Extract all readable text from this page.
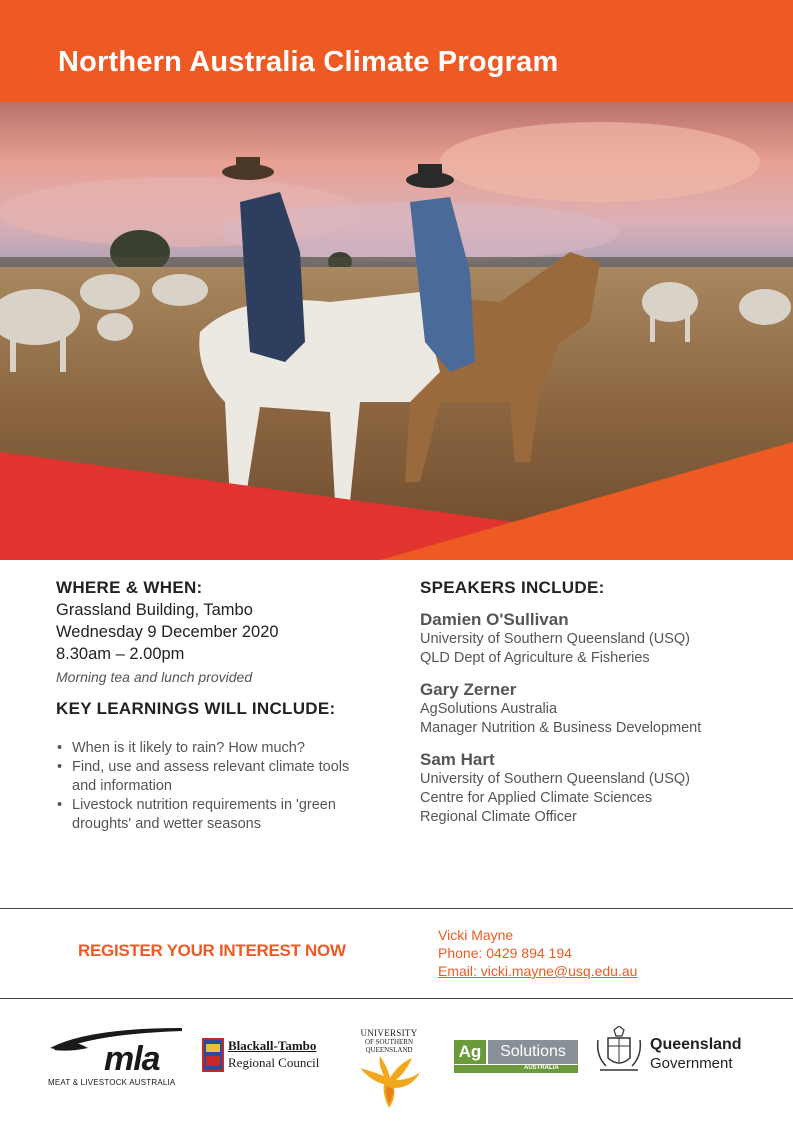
Northern Australia Climate Program
WHERE & WHEN:
Grassland Building, Tambo
Wednesday 9 December 2020
8.30am – 2.00pm
Morning tea and lunch provided
KEY LEARNINGS WILL INCLUDE:
• When is it likely to rain? How much?
• Find, use and assess relevant climate tools and information
• Livestock nutrition requirements in 'green droughts' and wetter seasons
SPEAKERS INCLUDE:
Damien O'Sullivan
University of Southern Queensland (USQ)
QLD Dept of Agriculture & Fisheries
Gary Zerner
AgSolutions Australia
Manager Nutrition & Business Development
Sam Hart
University of Southern Queensland (USQ)
Centre for Applied Climate Sciences
Regional Climate Officer
REGISTER YOUR INTEREST NOW
Vicki Mayne
Phone: 0429 894 194
Email: vicki.mayne@usq.edu.au
mla
MEAT & LIVESTOCK AUSTRALIA
Blackall-Tambo
Regional Council
UNIVERSITY
OF SOUTHERN
QUEENSLAND	Ag	Solutions
AUSTRALIA
Queensland
Government
